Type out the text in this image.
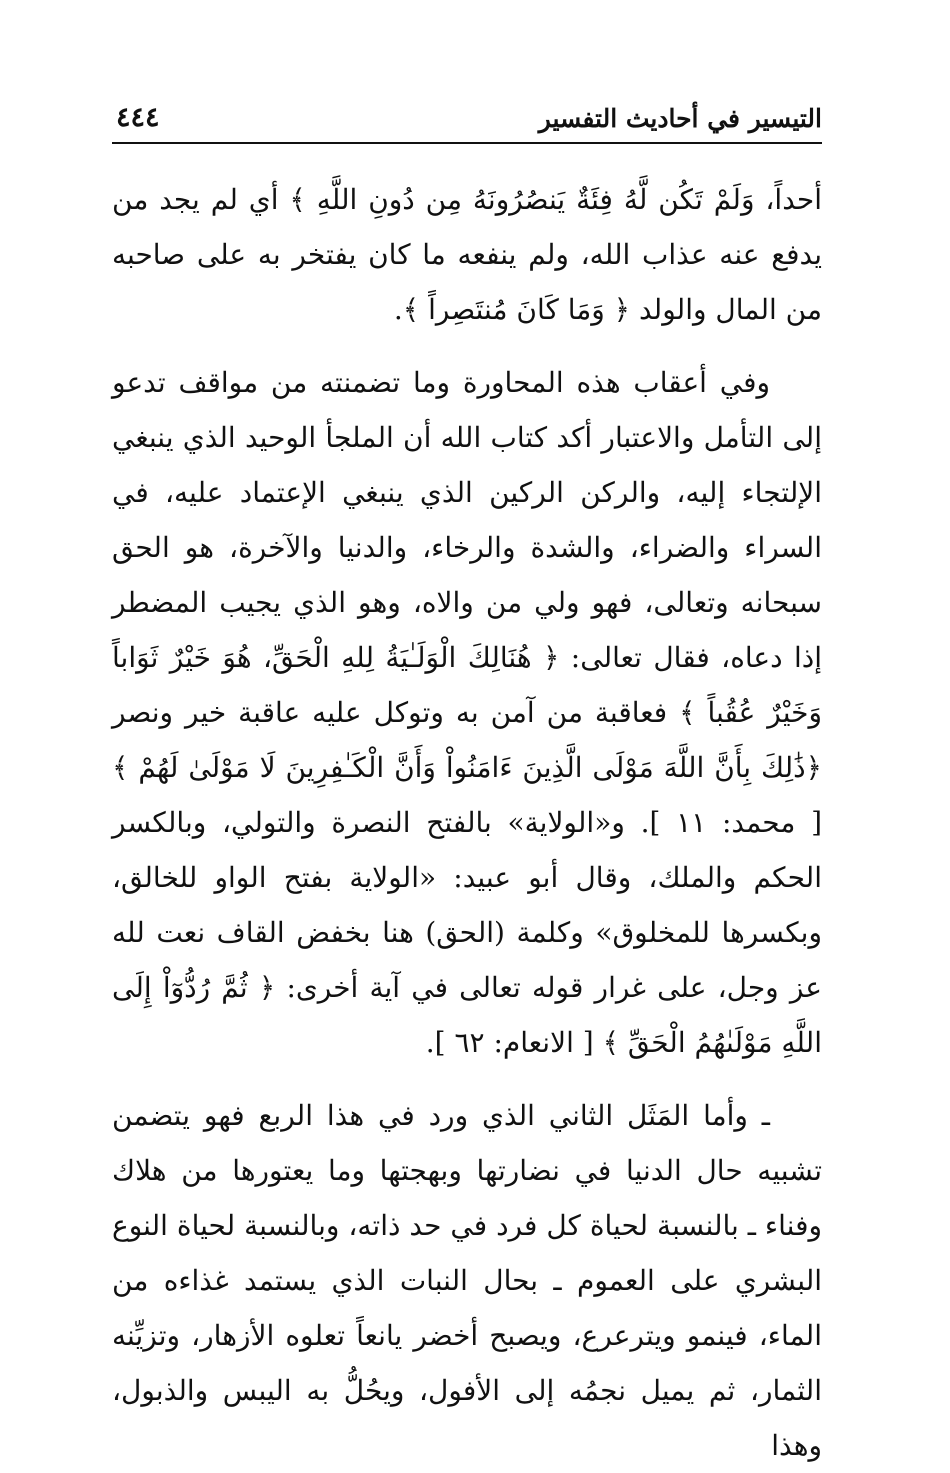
التيسير في أحاديث التفسير
٤٤٤

أحداً، وَلَمْ تَكُن لَّهُ فِئَةٌ يَنصُرُونَهُ مِن دُونِ اللَّهِ ﴾ أي لم يجد من يدفع عنه عذاب الله، ولم ينفعه ما كان يفتخر به على صاحبه من المال والولد ﴿ وَمَا كَانَ مُنتَصِراً ﴾.

وفي أعقاب هذه المحاورة وما تضمنته من مواقف تدعو إلى التأمل والاعتبار أكد كتاب الله أن الملجأ الوحيد الذي ينبغي الإلتجاء إليه، والركن الركين الذي ينبغي الإعتماد عليه، في السراء والضراء، والشدة والرخاء، والدنيا والآخرة، هو الحق سبحانه وتعالى، فهو ولي من والاه، وهو الذي يجيب المضطر إذا دعاه، فقال تعالى: ﴿ هُنَالِكَ الْوَلَـٰيَةُ لِلهِ الْحَقِّ، هُوَ خَيْرٌ ثَوَاباً وَخَيْرٌ عُقُباً ﴾ فعاقبة من آمن به وتوكل عليه عاقبة خير ونصر ﴿ذَٰلِكَ بِأَنَّ اللَّهَ مَوْلَى الَّذِينَ ءَامَنُواْ وَأَنَّ الْكَـٰفِرِينَ لَا مَوْلَىٰ لَهُمْ ﴾ [ محمد: ١١ ]. و«الولاية» بالفتح النصرة والتولي، وبالكسر الحكم والملك، وقال أبو عبيد: «الولاية بفتح الواو للخالق، وبكسرها للمخلوق» وكلمة (الحق) هنا بخفض القاف نعت لله عز وجل، على غرار قوله تعالى في آية أخرى: ﴿ ثُمَّ رُدُّوٓاْ إِلَى اللَّهِ مَوْلَىٰهُمُ الْحَقِّ ﴾ [ الانعام: ٦٢ ].

ـ وأما المَثَل الثاني الذي ورد في هذا الربع فهو يتضمن تشبيه حال الدنيا في نضارتها وبهجتها وما يعتورها من هلاك وفناء ـ بالنسبة لحياة كل فرد في حد ذاته، وبالنسبة لحياة النوع البشري على العموم ـ بحال النبات الذي يستمد غذاءه من الماء، فينمو ويترعرع، ويصبح أخضر يانعاً تعلوه الأزهار، وتزيِّنه الثمار، ثم يميل نجمُه إلى الأفول، ويحُلُّ به اليبس والذبول، وهذا
